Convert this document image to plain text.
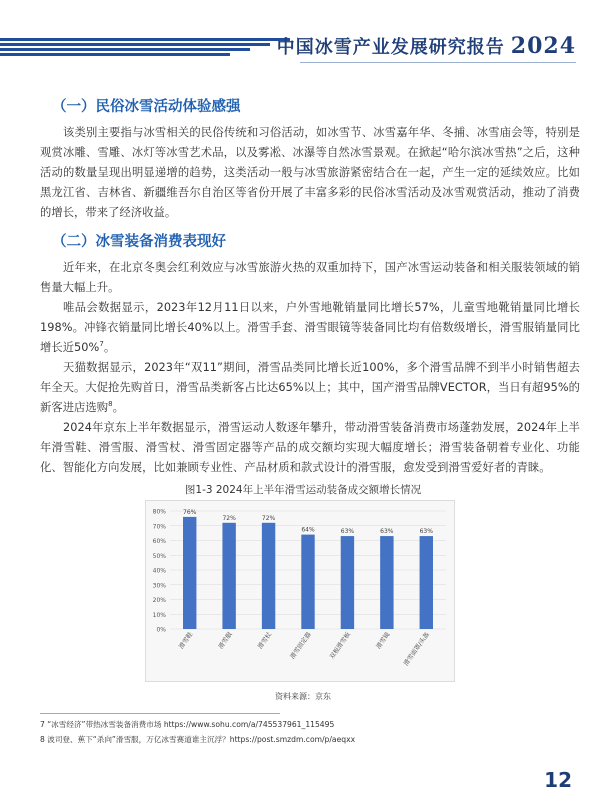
中国冰雪产业发展研究报告 2024
（一）民俗冰雪活动体验感强

该类别主要指与冰雪相关的民俗传统和习俗活动，如冰雪节、冰雪嘉年华、冬捕、冰雪庙会等，特别是观赏冰雕、雪雕、冰灯等冰雪艺术品，以及雾凇、冰瀑等自然冰雪景观。在掀起“哈尔滨冰雪热”之后，这种活动的数量呈现出明显递增的趋势，这类活动一般与冰雪旅游紧密结合在一起，产生一定的延续效应。比如黑龙江省、吉林省、新疆维吾尔自治区等省份开展了丰富多彩的民俗冰雪活动及冰雪观赏活动，推动了消费的增长，带来了经济收益。

（二）冰雪装备消费表现好

近年来，在北京冬奥会红利效应与冰雪旅游火热的双重加持下，国产冰雪运动装备和相关服装领域的销售量大幅上升。

唯品会数据显示，2023年12月11日以来，户外雪地靴销量同比增长57%，儿童雪地靴销量同比增长198%。冲锋衣销量同比增长40%以上。滑雪手套、滑雪眼镜等装备同比均有倍数级增长，滑雪服销量同比增长近50%$^7$。

天猫数据显示，2023年“双11”期间，滑雪品类同比增长近100%，多个滑雪品牌不到半小时销售超去年全天。大促抢先购首日，滑雪品类新客占比达65%以上；其中，国产滑雪品牌VECTOR，当日有超95%的新客进店选购$^8$。

2024年京东上半年数据显示，滑雪运动人数逐年攀升，带动滑雪装备消费市场蓬勃发展，2024年上半年滑雪鞋、滑雪服、滑雪杖、滑雪固定器等产品的成交额均实现大幅度增长；滑雪装备朝着专业化、功能化、智能化方向发展，比如兼顾专业性、产品材质和款式设计的滑雪服，愈发受到滑雪爱好者的青睐。

图1-3 2024年上半年滑雪运动装备成交额增长情况
0%
10%
20%
30%
40%
50%
60%
70%
80%	76%
滑雪鞋
72%
滑雪服
72%
滑雪杖
64%
滑雪固定器
63%
双板滑雪板
63%
滑雪镜
63%
滑雪面罩/头盔
资料来源：京东
7 “冰雪经济”带热冰雪装备消费市场 https://www.sohu.com/a/745537961_115495
8 波司登、蕉下“杀向”滑雪服，万亿冰雪赛道谁主沉浮？https://post.smzdm.com/p/aeqxx
12
